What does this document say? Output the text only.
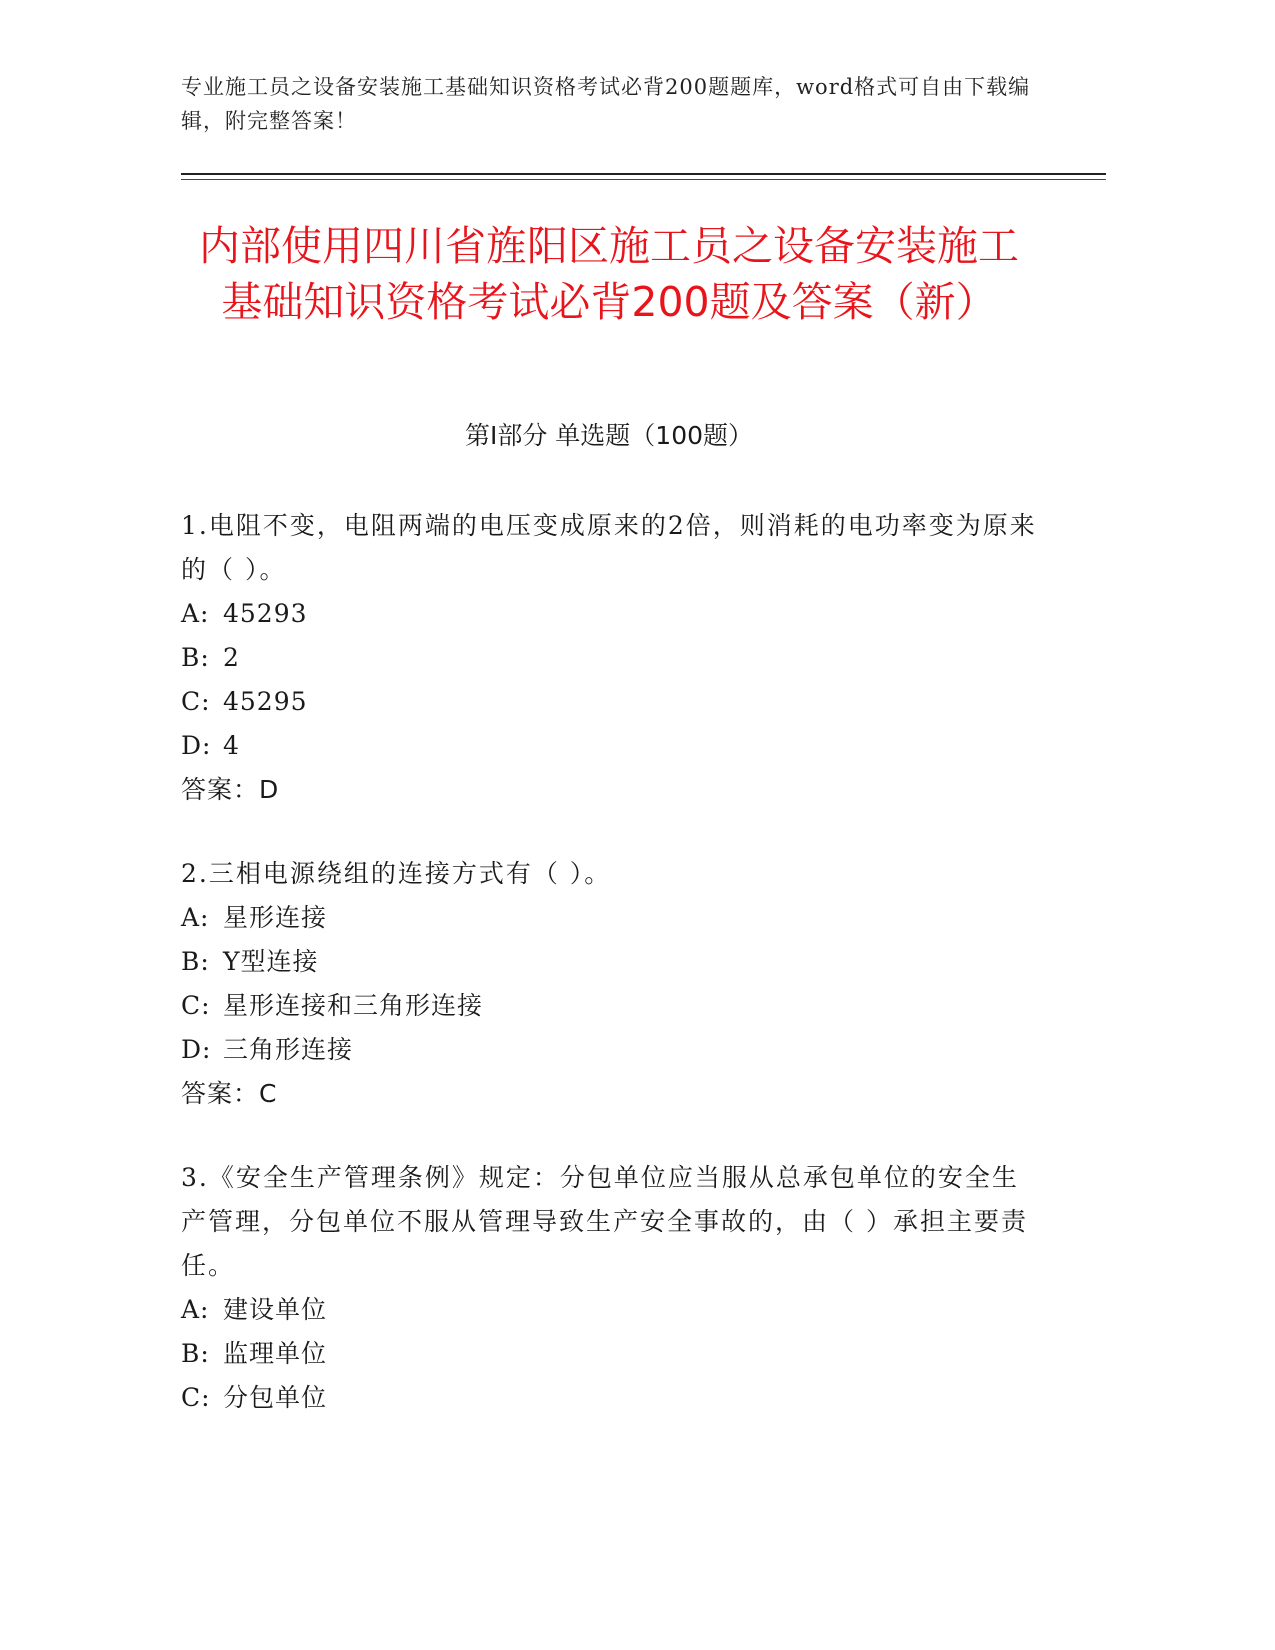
专业施工员之设备安装施工基础知识资格考试必背200题题库，word格式可自由下载编辑，附完整答案！
内部使用四川省旌阳区施工员之设备安装施工基础知识资格考试必背200题及答案（新）
第I部分 单选题（100题）

1.电阻不变，电阻两端的电压变成原来的2倍，则消耗的电功率变为原来的（ ）。

A: 45293

B: 2

C: 45295

D: 4

答案：D

2.三相电源绕组的连接方式有（ ）。

A: 星形连接

B: Y型连接

C: 星形连接和三角形连接

D: 三角形连接

答案：C

3.《安全生产管理条例》规定：分包单位应当服从总承包单位的安全生产管理，分包单位不服从管理导致生产安全事故的，由（ ）承担主要责任。

A: 建设单位

B: 监理单位

C: 分包单位
